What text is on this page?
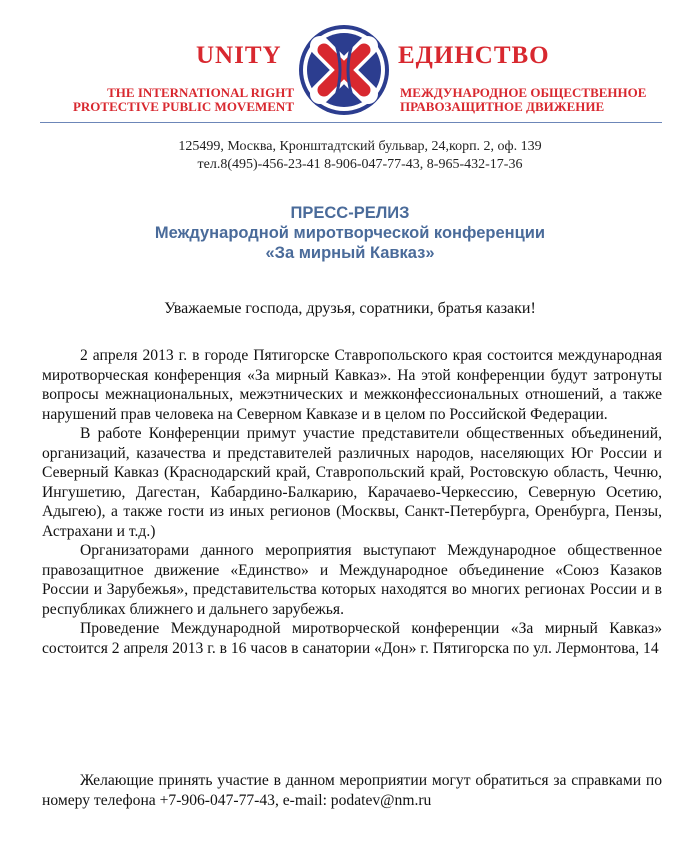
UNITY	ЕДИНСТВО
THE INTERNATIONAL RIGHT
PROTECTIVE PUBLIC MOVEMENT
МЕЖДУНАРОДНОЕ ОБЩЕСТВЕННОЕ
ПРАВОЗАЩИТНОЕ ДВИЖЕНИЕ
125499, Москва, Кронштадтский бульвар, 24,корп. 2, оф. 139
тел.8(495)-456-23-41 8-906-047-77-43, 8-965-432-17-36
ПРЕСС-РЕЛИЗ
Международной миротворческой конференции
«За мирный Кавказ»
Уважаемые господа, друзья, соратники, братья казаки!

2 апреля 2013 г. в городе Пятигорске Ставропольского края состоится международная миротворческая конференция «За мирный Кавказ». На этой конференции будут затронуты вопросы межнациональных, межэтнических и межконфессиональных отношений, а также нарушений прав человека на Северном Кавказе и в целом по Российской Федерации.

В работе Конференции примут участие представители общественных объединений, организаций, казачества и представителей различных народов, населяющих Юг России и Северный Кавказ (Краснодарский край, Ставропольский край, Ростовскую область, Чечню, Ингушетию, Дагестан, Кабардино-Балкарию, Карачаево-Черкессию, Северную Осетию, Адыгею), а также гости из иных регионов (Москвы, Санкт-Петербурга, Оренбурга, Пензы, Астрахани и т.д.)

Организаторами данного мероприятия выступают Международное общественное правозащитное движение «Единство» и Международное объединение «Союз Казаков России и Зарубежья», представительства которых находятся во многих регионах России и в республиках ближнего и дальнего зарубежья.

Проведение Международной миротворческой конференции «За мирный Кавказ» состоится 2 апреля 2013 г. в 16 часов в санатории «Дон» г. Пятигорска по ул. Лермонтова, 14

Желающие принять участие в данном мероприятии могут обратиться за справками по номеру телефона +7-906-047-77-43, e-mail: podatev@nm.ru
